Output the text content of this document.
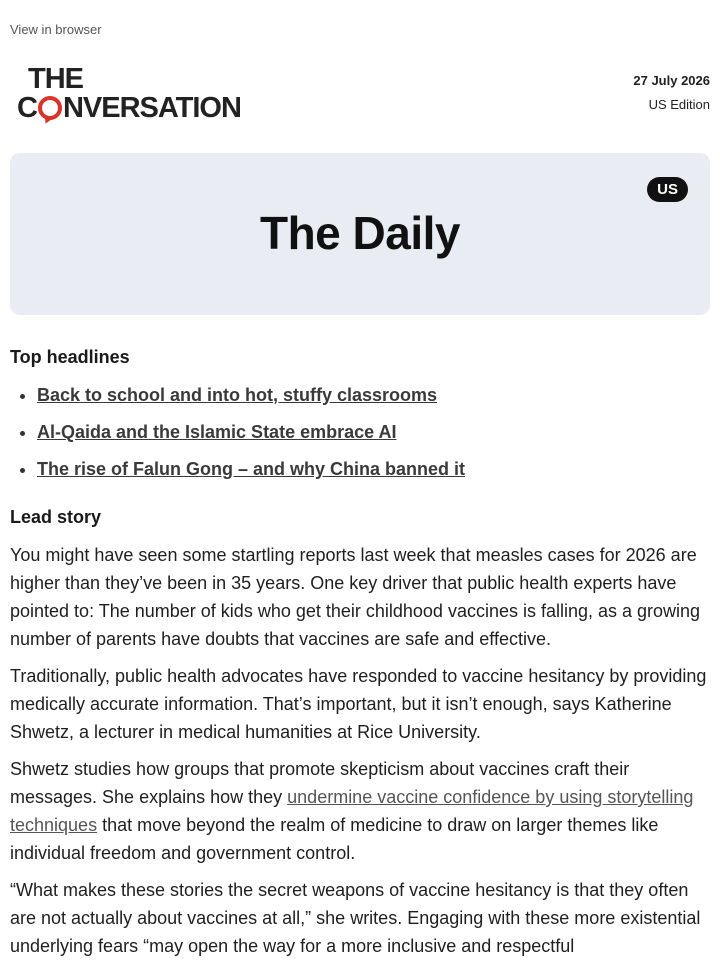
View in browser
THE
C NVERSATION
27 July 2026
US Edition
US
The Daily
Top headlines
• Back to school and into hot, stuffy classrooms
• Al-Qaida and the Islamic State embrace AI
• The rise of Falun Gong – and why China banned it
Lead story

You might have seen some startling reports last week that measles cases for 2026 are higher than they’ve been in 35 years. One key driver that public health experts have pointed to: The number of kids who get their childhood vaccines is falling, as a growing number of parents have doubts that vaccines are safe and effective.

Traditionally, public health advocates have responded to vaccine hesitancy by providing medically accurate information. That’s important, but it isn’t enough, says Katherine Shwetz, a lecturer in medical humanities at Rice University.

Shwetz studies how groups that promote skepticism about vaccines craft their messages. She explains how they undermine vaccine confidence by using storytelling techniques that move beyond the realm of medicine to draw on larger themes like individual freedom and government control.

“What makes these stories the secret weapons of vaccine hesitancy is that they often are not actually about vaccines at all,” she writes. Engaging with these more existential underlying fears “may open the way for a more inclusive and respectful
